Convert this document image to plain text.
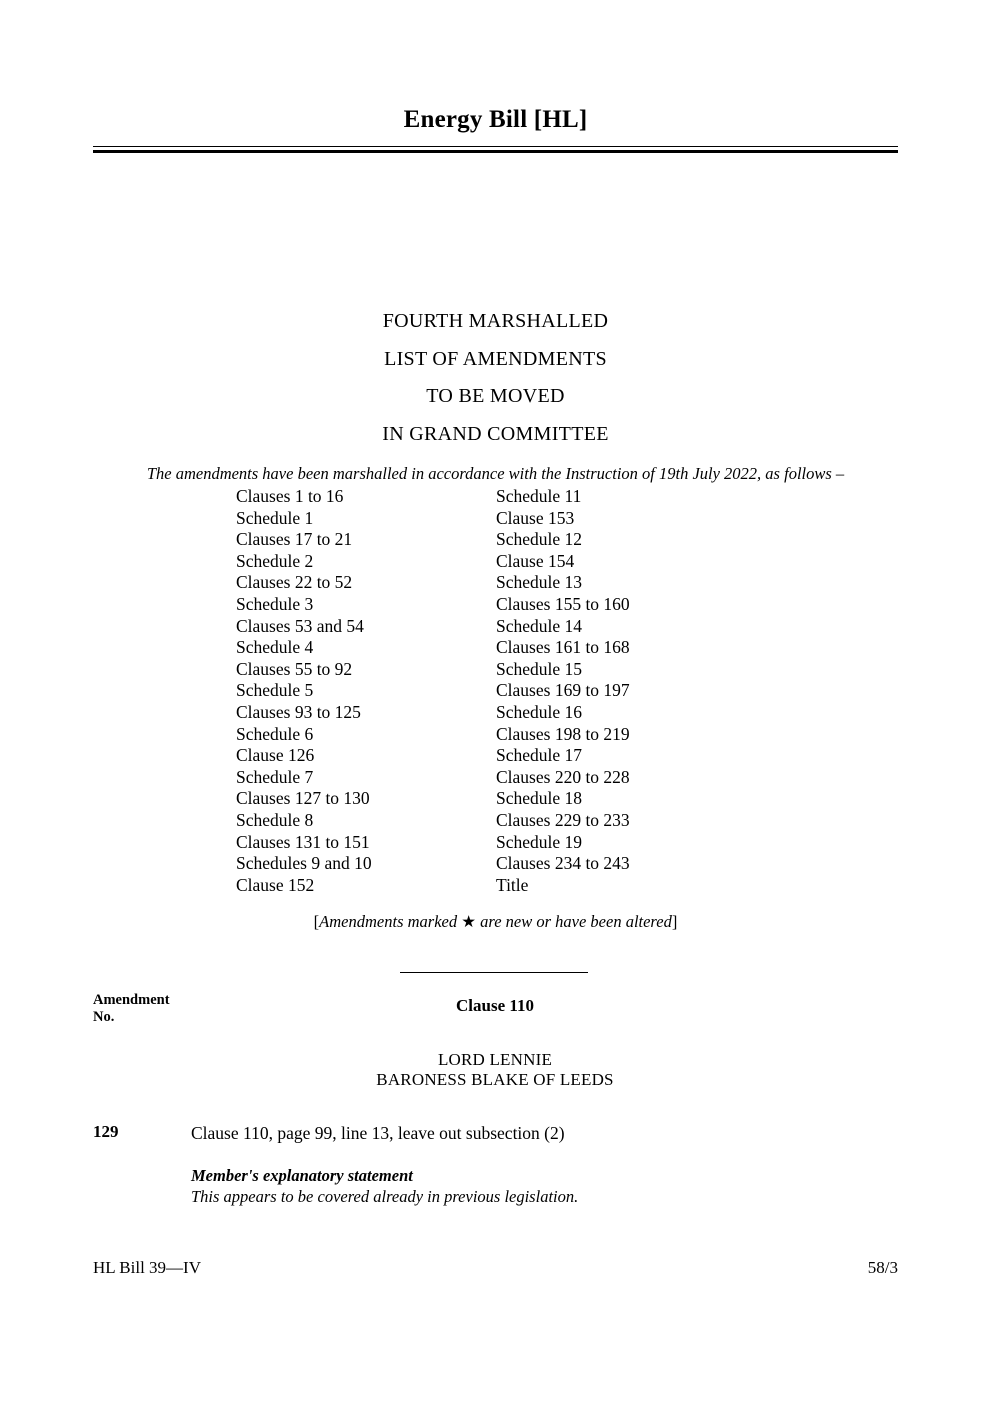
Energy Bill [HL]
FOURTH MARSHALLED
LIST OF AMENDMENTS
TO BE MOVED
IN GRAND COMMITTEE
The amendments have been marshalled in accordance with the Instruction of 19th July 2022, as follows –
Clauses 1 to 16
Schedule 1
Clauses 17 to 21
Schedule 2
Clauses 22 to 52
Schedule 3
Clauses 53 and 54
Schedule 4
Clauses 55 to 92
Schedule 5
Clauses 93 to 125
Schedule 6
Clause 126
Schedule 7
Clauses 127 to 130
Schedule 8
Clauses 131 to 151
Schedules 9 and 10
Clause 152
Schedule 11
Clause 153
Schedule 12
Clause 154
Schedule 13
Clauses 155 to 160
Schedule 14
Clauses 161 to 168
Schedule 15
Clauses 169 to 197
Schedule 16
Clauses 198 to 219
Schedule 17
Clauses 220 to 228
Schedule 18
Clauses 229 to 233
Schedule 19
Clauses 234 to 243
Title
[Amendments marked ★ are new or have been altered]
Amendment
No.
Clause 110
LORD LENNIE
BARONESS BLAKE OF LEEDS
129	Clause 110, page 99, line 13, leave out subsection (2)
Member's explanatory statement
This appears to be covered already in previous legislation.
HL Bill 39—IV	58/3
